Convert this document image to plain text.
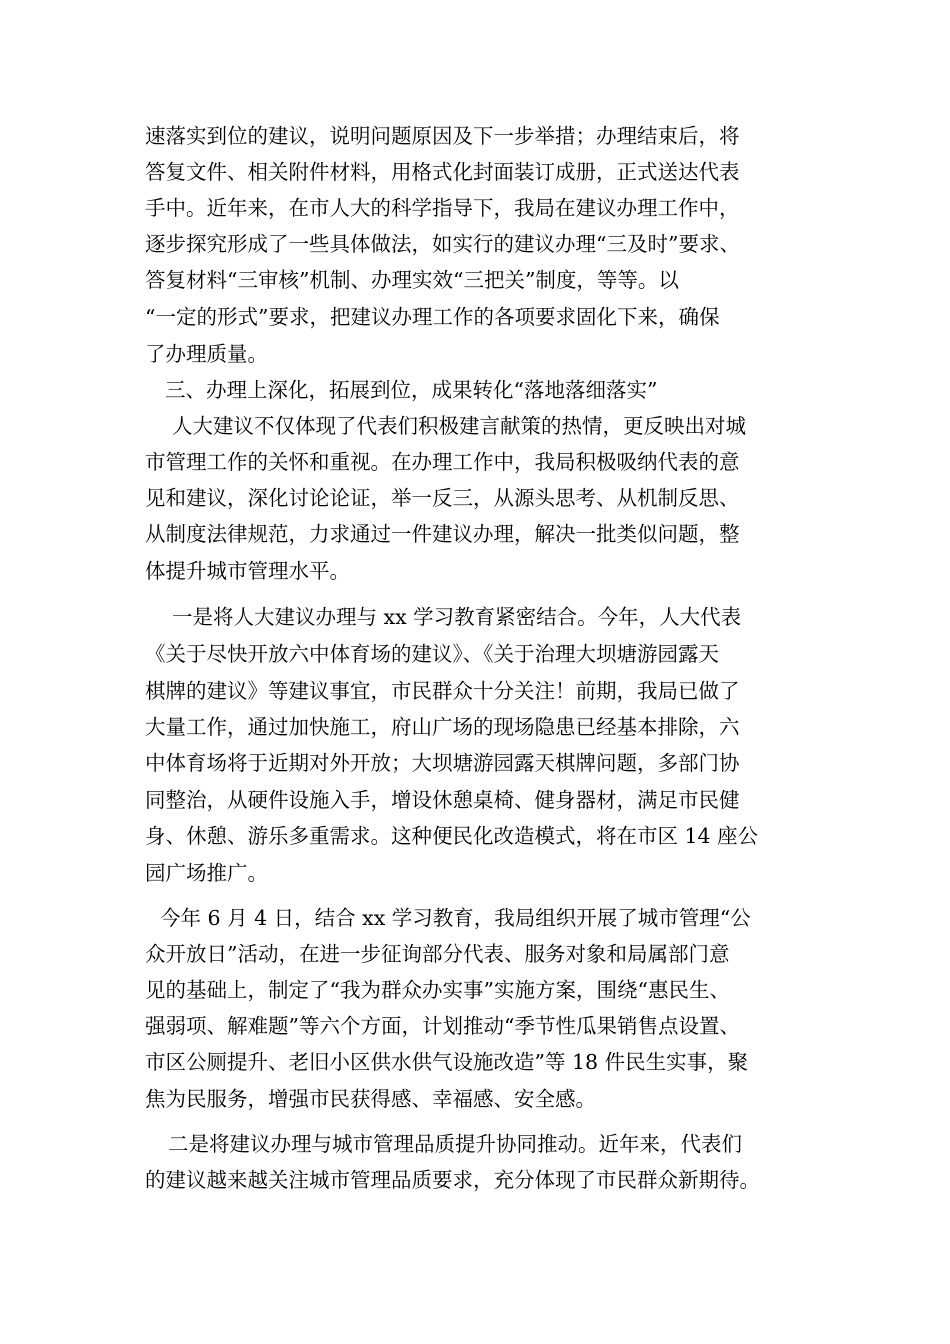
速落实到位的建议，说明问题原因及下一步举措；办理结束后，将

答复文件、相关附件材料，用格式化封面装订成册，正式送达代表

手中。近年来，在市人大的科学指导下，我局在建议办理工作中，

逐步探究形成了一些具体做法，如实行的建议办理“三及时”要求、

答复材料“三审核”机制、办理实效“三把关”制度，等等。以

“一定的形式”要求，把建议办理工作的各项要求固化下来，确保

了办理质量。

三、办理上深化，拓展到位，成果转化“落地落细落实”

人大建议不仅体现了代表们积极建言献策的热情，更反映出对城

市管理工作的关怀和重视。在办理工作中，我局积极吸纳代表的意

见和建议，深化讨论论证，举一反三，从源头思考、从机制反思、

从制度法律规范，力求通过一件建议办理，解决一批类似问题，整

体提升城市管理水平。

一是将人大建议办理与 xx 学习教育紧密结合。今年，人大代表

《关于尽快开放六中体育场的建议》、《关于治理大坝塘游园露天

棋牌的建议》等建议事宜，市民群众十分关注！前期，我局已做了

大量工作，通过加快施工，府山广场的现场隐患已经基本排除，六

中体育场将于近期对外开放；大坝塘游园露天棋牌问题，多部门协

同整治，从硬件设施入手，增设休憩桌椅、健身器材，满足市民健

身、休憩、游乐多重需求。这种便民化改造模式，将在市区 14 座公

园广场推广。

今年 6 月 4 日，结合 xx 学习教育，我局组织开展了城市管理“公

众开放日”活动，在进一步征询部分代表、服务对象和局属部门意

见的基础上，制定了“我为群众办实事”实施方案，围绕“惠民生、

强弱项、解难题”等六个方面，计划推动“季节性瓜果销售点设置、

市区公厕提升、老旧小区供水供气设施改造”等 18 件民生实事，聚

焦为民服务，增强市民获得感、幸福感、安全感。

二是将建议办理与城市管理品质提升协同推动。近年来，代表们

的建议越来越关注城市管理品质要求，充分体现了市民群众新期待。
